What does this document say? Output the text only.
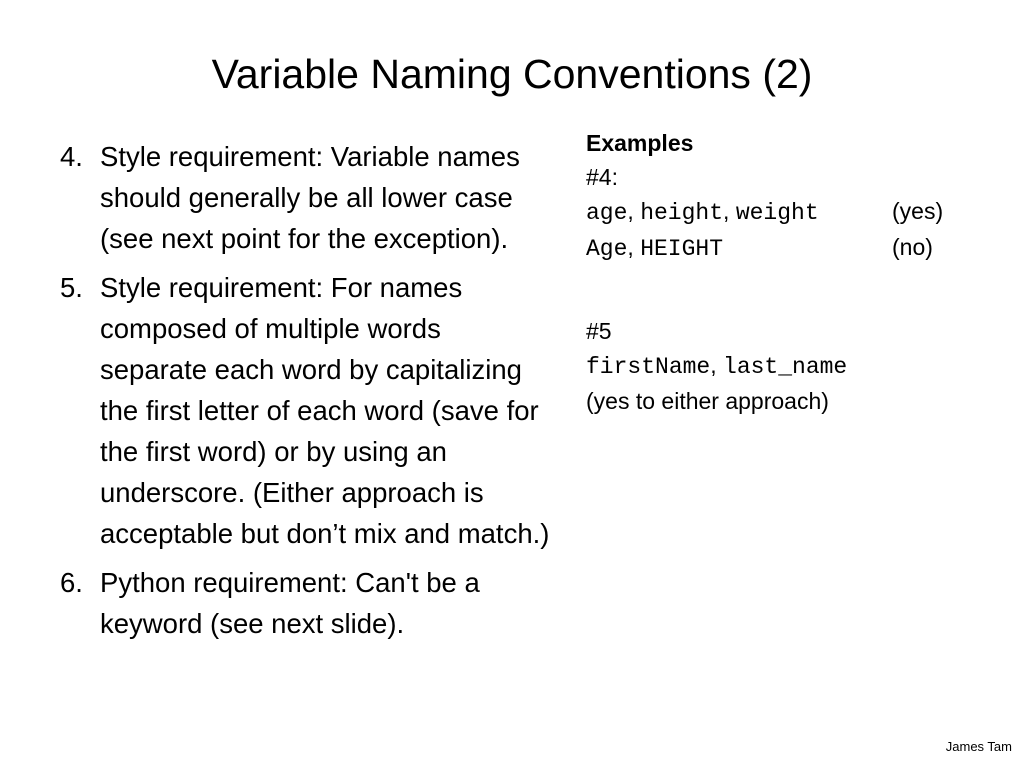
Variable Naming Conventions (2)
4. Style requirement: Variable names should generally be all lower case (see next point for the exception).
5. Style requirement: For names composed of multiple words separate each word by capitalizing the first letter of each word (save for the first word) or by using an underscore. (Either approach is acceptable but don’t mix and match.)
6. Python requirement: Can't be a keyword (see next slide).
Examples
#4:
age, height, weight	(yes)
Age, HEIGHT	(no)
#5
firstName, last_name
(yes to either approach)
James Tam
